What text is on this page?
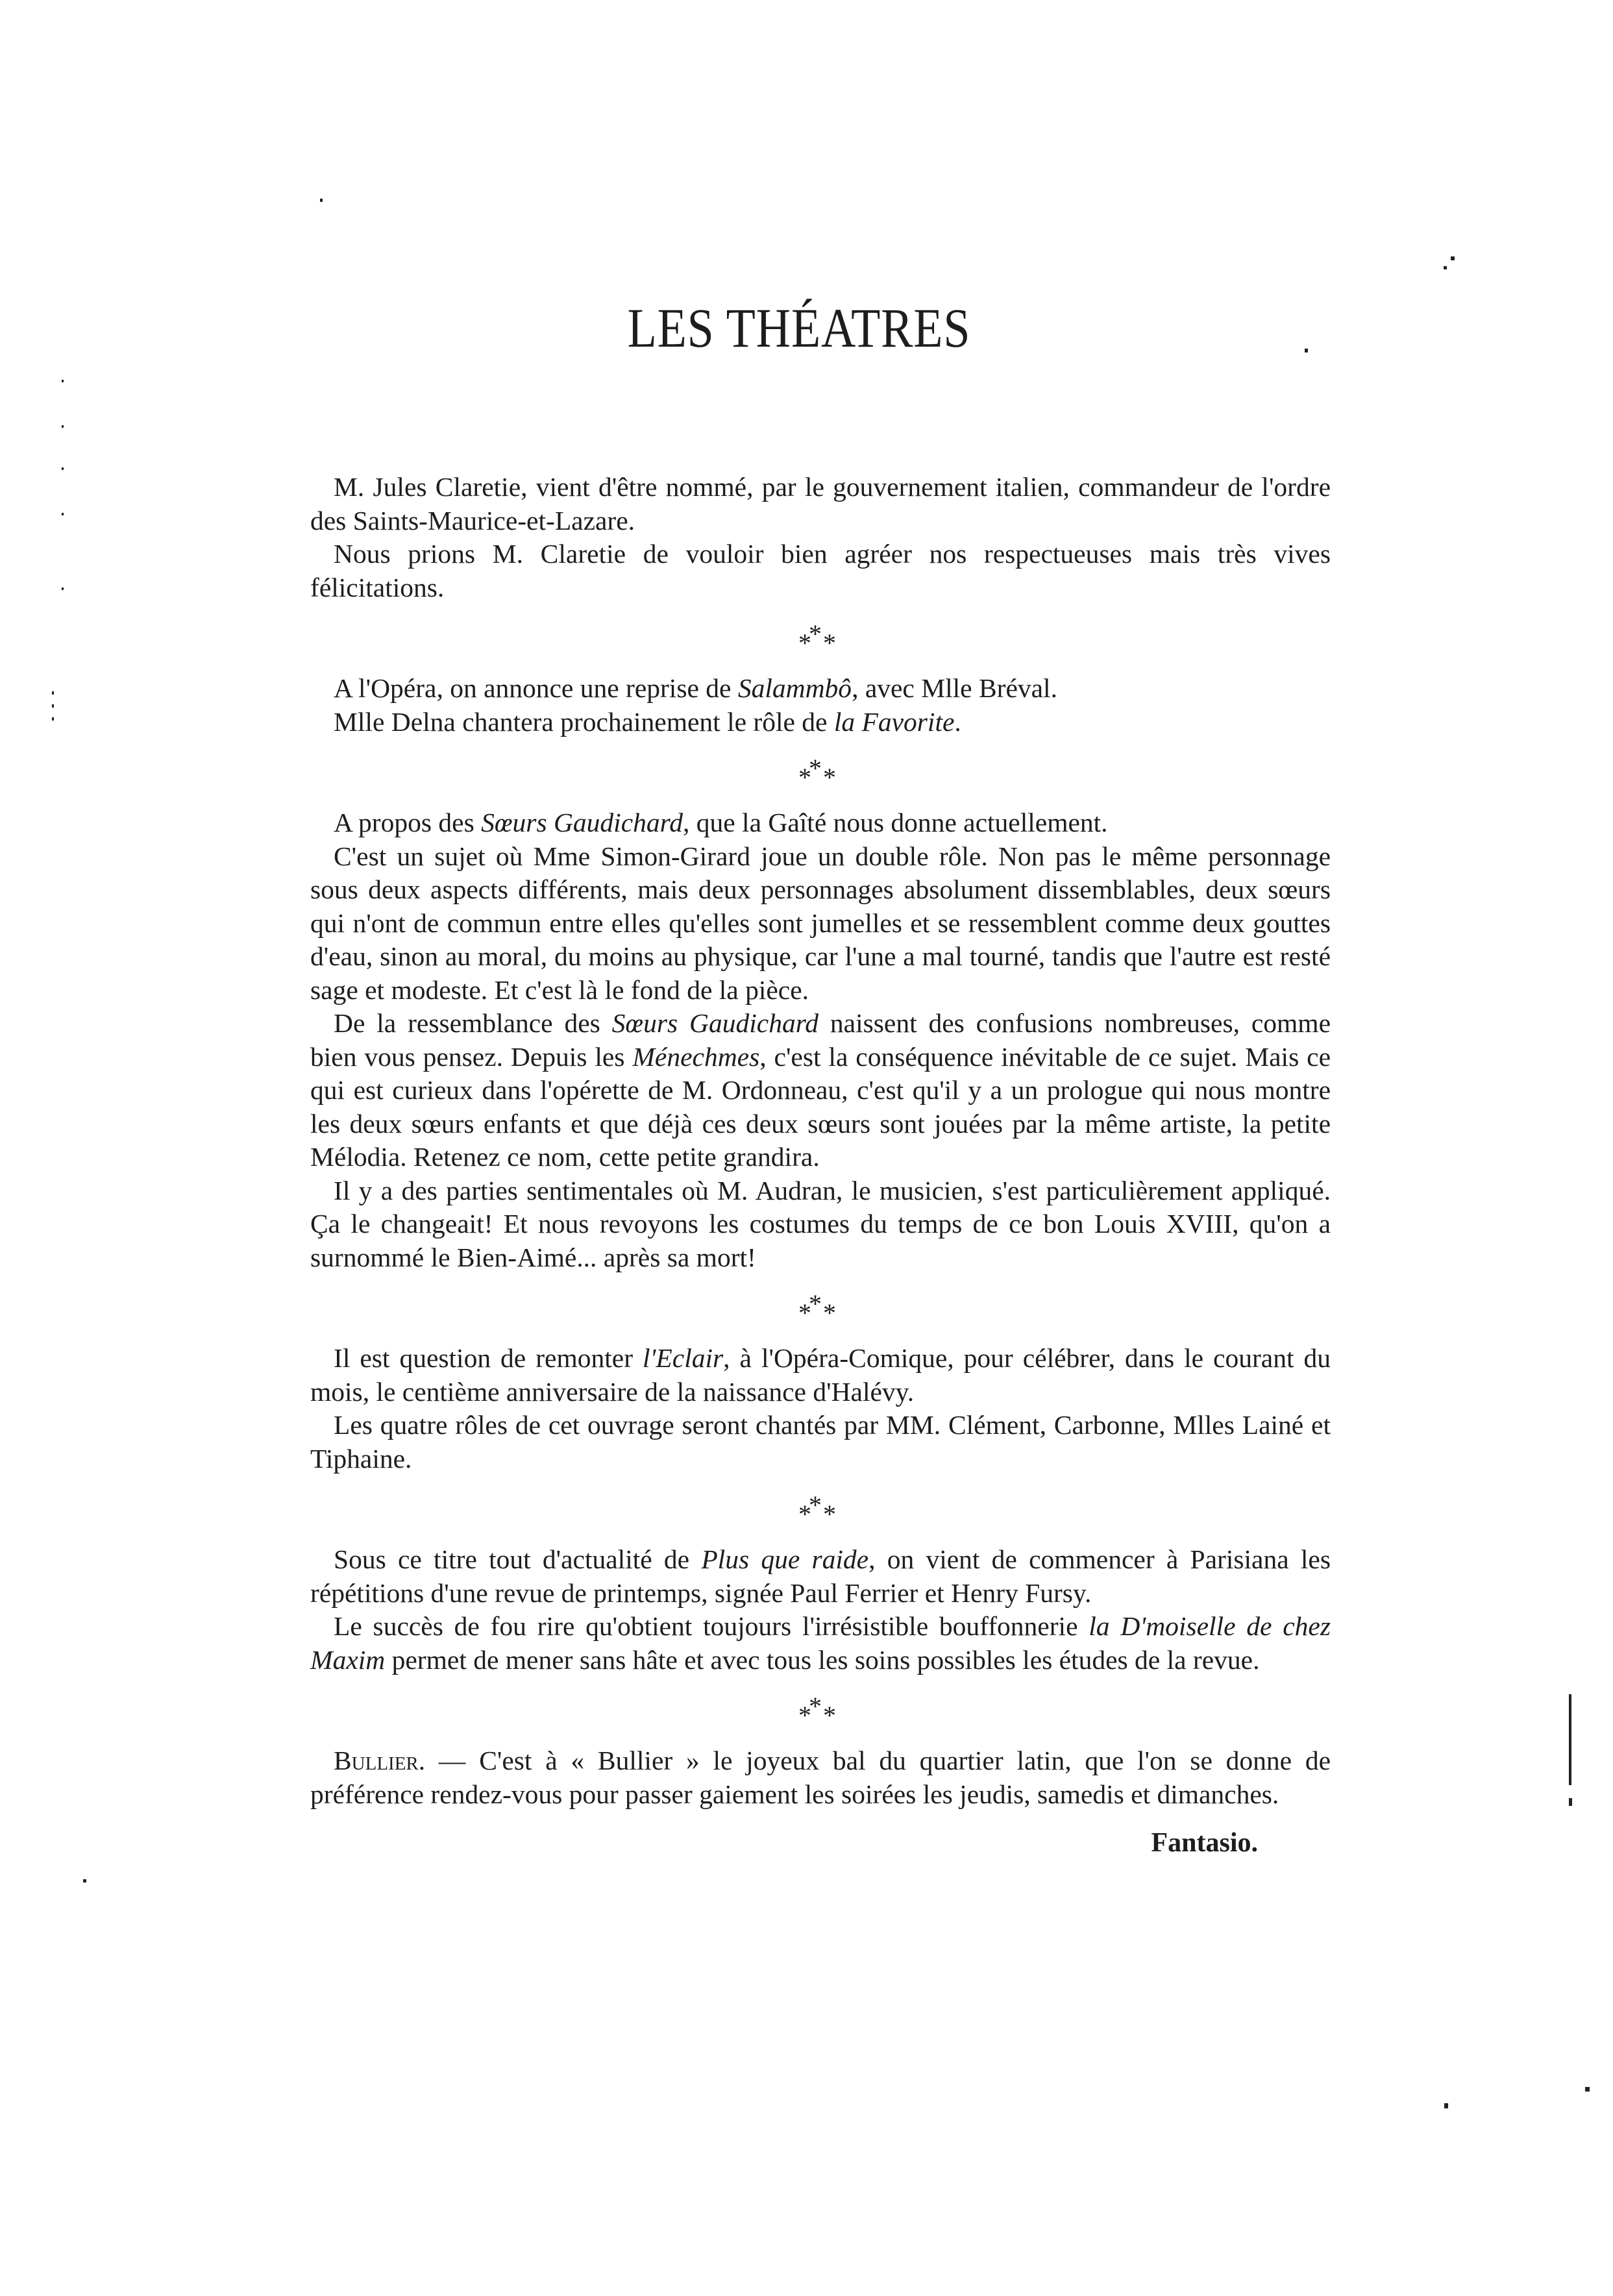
LES THÉATRES

M. Jules Claretie, vient d'être nommé, par le gouvernement italien, commandeur de l'ordre des Saints-Maurice-et-Lazare.

Nous prions M. Claretie de vouloir bien agréer nos respectueuses mais très vives félicitations.

* *
*

A l'Opéra, on annonce une reprise de Salammbô, avec Mlle Bréval.

Mlle Delna chantera prochainement le rôle de la Favorite.

* *
*

A propos des Sœurs Gaudichard, que la Gaîté nous donne actuellement.

C'est un sujet où Mme Simon-Girard joue un double rôle. Non pas le même personnage sous deux aspects différents, mais deux personnages absolument dissemblables, deux sœurs qui n'ont de commun entre elles qu'elles sont jumelles et se ressemblent comme deux gouttes d'eau, sinon au moral, du moins au physique, car l'une a mal tourné, tandis que l'autre est resté sage et modeste. Et c'est là le fond de la pièce.

De la ressemblance des Sœurs Gaudichard naissent des confusions nombreuses, comme bien vous pensez. Depuis les Ménechmes, c'est la conséquence inévitable de ce sujet. Mais ce qui est curieux dans l'opérette de M. Ordonneau, c'est qu'il y a un prologue qui nous montre les deux sœurs enfants et que déjà ces deux sœurs sont jouées par la même artiste, la petite Mélodia. Retenez ce nom, cette petite grandira.

Il y a des parties sentimentales où M. Audran, le musicien, s'est particulièrement appliqué. Ça le changeait! Et nous revoyons les costumes du temps de ce bon Louis XVIII, qu'on a surnommé le Bien-Aimé... après sa mort!

* *
*

Il est question de remonter l'Eclair, à l'Opéra-Comique, pour célébrer, dans le courant du mois, le centième anniversaire de la naissance d'Halévy.

Les quatre rôles de cet ouvrage seront chantés par MM. Clément, Carbonne, Mlles Lainé et Tiphaine.

* *
*

Sous ce titre tout d'actualité de Plus que raide, on vient de commencer à Parisiana les répétitions d'une revue de printemps, signée Paul Ferrier et Henry Fursy.

Le succès de fou rire qu'obtient toujours l'irrésistible bouffonnerie la D'moiselle de chez Maxim permet de mener sans hâte et avec tous les soins possibles les études de la revue.

* *
*

Bullier. — C'est à « Bullier » le joyeux bal du quartier latin, que l'on se donne de préférence rendez-vous pour passer gaiement les soirées les jeudis, samedis et dimanches.

Fantasio.
